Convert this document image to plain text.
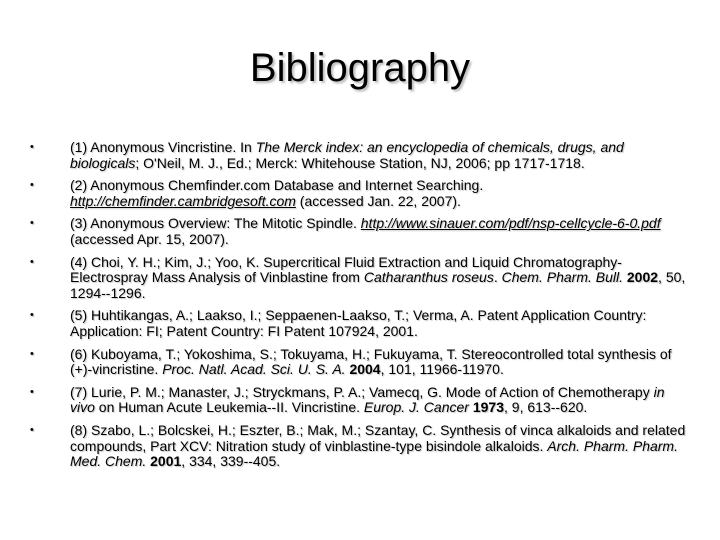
Bibliography
•	(1) Anonymous Vincristine. In The Merck index: an encyclopedia of chemicals, drugs, and biologicals; O'Neil, M. J., Ed.; Merck: Whitehouse Station, NJ, 2006; pp 1717-1718.
•	(2) Anonymous Chemfinder.com Database and Internet Searching. http://chemfinder.cambridgesoft.com (accessed Jan. 22, 2007).
•	(3) Anonymous Overview: The Mitotic Spindle. http://www.sinauer.com/pdf/nsp-cellcycle-6-0.pdf (accessed Apr. 15, 2007).
•	(4) Choi, Y. H.; Kim, J.; Yoo, K. Supercritical Fluid Extraction and Liquid Chromatography-Electrospray Mass Analysis of Vinblastine from Catharanthus roseus. Chem. Pharm. Bull. 2002, 50, 1294--1296.
•	(5) Huhtikangas, A.; Laakso, I.; Seppaenen-Laakso, T.; Verma, A. Patent Application Country: Application: FI; Patent Country: FI Patent 107924, 2001.
•	(6) Kuboyama, T.; Yokoshima, S.; Tokuyama, H.; Fukuyama, T. Stereocontrolled total synthesis of (+)-vincristine. Proc. Natl. Acad. Sci. U. S. A. 2004, 101, 11966-11970.
•	(7) Lurie, P. M.; Manaster, J.; Stryckmans, P. A.; Vamecq, G. Mode of Action of Chemotherapy in vivo on Human Acute Leukemia--II. Vincristine. Europ. J. Cancer 1973, 9, 613--620.
•	(8) Szabo, L.; Bolcskei, H.; Eszter, B.; Mak, M.; Szantay, C. Synthesis of vinca alkaloids and related compounds, Part XCV: Nitration study of vinblastine-type bisindole alkaloids. Arch. Pharm. Pharm. Med. Chem. 2001, 334, 339--405.
